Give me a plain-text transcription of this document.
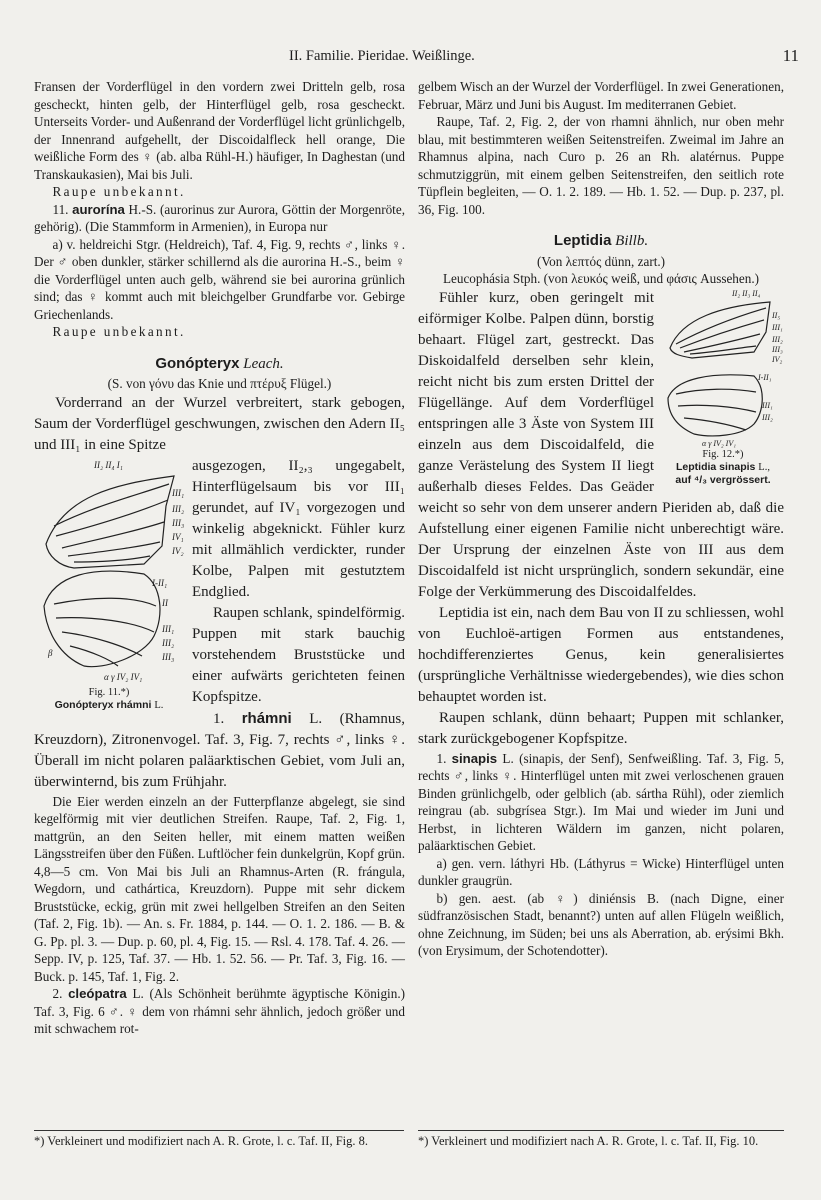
II. Familie. Pieridae. Weißlinge.	11

Fransen der Vorderflügel in den vordern zwei Dritteln gelb, rosa gescheckt, hinten gelb, der Hinterflügel gelb, rosa gescheckt. Unterseits Vorder- und Außenrand der Vorderflügel licht grünlichgelb, der Innenrand aufgehellt, der Discoidalfleck hell orange, Die weißliche Form des ♀ (ab. alba Rühl-H.) häufiger, In Daghestan (und Transkaukasien), Mai bis Juli.

Raupe unbekannt.

11. aurorína H.-S. (aurorinus zur Aurora, Göttin der Morgenröte, gehörig). (Die Stammform in Armenien), in Europa nur

a) v. heldreichi Stgr. (Heldreich), Taf. 4, Fig. 9, rechts ♂, links ♀. Der ♂ oben dunkler, stärker schillernd als die aurorina H.-S., beim ♀ die Vorderflügel unten auch gelb, während sie bei aurorina grünlich sind; das ♀ kommt auch mit bleichgelber Grundfarbe vor. Gebirge Griechenlands.

Raupe unbekannt.

Gonópteryx Leach.

(S. von γόνυ das Knie und πτέρυξ Flügel.)

Vorderrand an der Wurzel verbreitert, stark gebogen, Saum der Vorderflügel geschwungen, zwischen den Adern II₅ und III₁ in eine Spitze

II₂ II₄ I₁
III₁
III₂
III₃
IV₁
IV₂
I-II₁
II
III₁
III₂
III₃
α γ IV₂ IV₁
β
Fig. 11.*)
Gonópteryx rhámni L.

ausgezogen, II₂,₃ ungegabelt, Hinterflügelsaum bis vor III₁ gerundet, auf IV₁ vorgezogen und winkelig abgeknickt. Fühler kurz mit allmählich verdickter, runder Kolbe, Palpen mit gestutztem Endglied.

Raupen schlank, spindelförmig. Puppen mit stark bauchig vorstehendem Bruststücke und einer aufwärts gerichteten feinen Kopfspitze.

1. rhámni L. (Rhamnus, Kreuzdorn), Zitronenvogel. Taf. 3, Fig. 7, rechts ♂, links ♀. Überall im nicht polaren paläarktischen Gebiet, vom Juli an, überwinternd, bis zum Frühjahr.

Die Eier werden einzeln an der Futterpflanze abgelegt, sie sind kegelförmig mit vier deutlichen Streifen. Raupe, Taf. 2, Fig. 1, mattgrün, an den Seiten heller, mit einem matten weißen Längsstreifen über den Füßen. Luftlöcher fein dunkelgrün, Kopf grün. 4,8—5 cm. Von Mai bis Juli an Rhamnus-Arten (R. frángula, Wegdorn, und cathártica, Kreuzdorn). Puppe mit sehr dickem Bruststücke, eckig, grün mit zwei hellgelben Streifen an den Seiten (Taf. 2, Fig. 1b). — An. s. Fr. 1884, p. 144. — O. 1. 2. 186. — B. & G. Pp. pl. 3. — Dup. p. 60, pl. 4, Fig. 15. — Rsl. 4. 178. Taf. 4. 26. — Sepp. IV, p. 125, Taf. 37. — Hb. 1. 52. 56. — Pr. Taf. 3, Fig. 16. — Buck. p. 145, Taf. 1, Fig. 2.

2. cleópatra L. (Als Schönheit berühmte ägyptische Königin.) Taf. 3, Fig. 6 ♂. ♀ dem von rhámni sehr ähnlich, jedoch größer und mit schwachem rot-

gelbem Wisch an der Wurzel der Vorderflügel. In zwei Generationen, Februar, März und Juni bis August. Im mediterranen Gebiet.

Raupe, Taf. 2, Fig. 2, der von rhamni ähnlich, nur oben mehr blau, mit bestimmteren weißen Seitenstreifen. Zweimal im Jahre an Rhamnus alpina, nach Curo p. 26 an Rh. alatérnus. Puppe schmutziggrün, mit einem gelben Seitenstreifen, den seitlich rote Tüpflein begleiten, — O. 1. 2. 189. — Hb. 1. 52. — Dup. p. 237, pl. 36, Fig. 100.

Leptidia Billb.

(Von λεπτός dünn, zart.)

Leucophásia Stph. (von λευκός weiß, und φάσις Aussehen.)

II₂ II₃ II₄
II₅
III₁
III₂
III₃
IV₂
I-II₁
III₁
III₂
α γ IV₂ IV₁
Fig. 12.*)
Leptidia sinapis L.,
auf ⁴/₃ vergrössert.

Fühler kurz, oben geringelt mit eiförmiger Kolbe. Palpen dünn, borstig behaart. Flügel zart, gestreckt. Das Diskoidalfeld derselben sehr klein, reicht nicht bis zum ersten Drittel der Flügellänge. Auf dem Vorderflügel entspringen alle 3 Äste von System III einzeln aus dem Discoidalfeld, die ganze Verästelung des System II liegt außerhalb dieses Feldes. Das Geäder weicht so sehr von dem unserer andern Pieriden ab, daß die Aufstellung einer eigenen Familie nicht unberechtigt wäre. Der Ursprung der einzelnen Äste von III aus dem Discoidalfeld ist nicht ursprünglich, sondern sekundär, eine Folge der Verkümmerung des Discoidalfeldes.

Leptidia ist ein, nach dem Bau von II zu schliessen, wohl von Euchloë-artigen Formen aus entstandenes, hochdifferenziertes Genus, kein generalisiertes (ursprüngliche Verhältnisse wiedergebendes), wie dies schon behauptet worden ist.

Raupen schlank, dünn behaart; Puppen mit schlanker, stark zurückgebogener Kopfspitze.

1. sinapis L. (sinapis, der Senf), Senfweißling. Taf. 3, Fig. 5, rechts ♂, links ♀. Hinterflügel unten mit zwei verloschenen grauen Binden grünlichgelb, oder gelblich (ab. sártha Rühl), oder ziemlich reingrau (ab. subgrísea Stgr.). Im Mai und wieder im Juni und Herbst, in lichteren Wäldern im ganzen, nicht polaren, paläarktischen Gebiet.

a) gen. vern. láthyri Hb. (Láthyrus = Wicke) Hinterflügel unten dunkler graugrün.

b) gen. aest. (ab ♀) diniénsis B. (nach Digne, einer südfranzösischen Stadt, benannt?) unten auf allen Flügeln weißlich, ohne Zeichnung, im Süden; bei uns als Aberration, ab. erýsimi Bkh. (von Erysimum, der Schotendotter).

*) Verkleinert und modifiziert nach A. R. Grote, l. c. Taf. II, Fig. 8.	*) Verkleinert und modifiziert nach A. R. Grote, l. c. Taf. II, Fig. 10.
